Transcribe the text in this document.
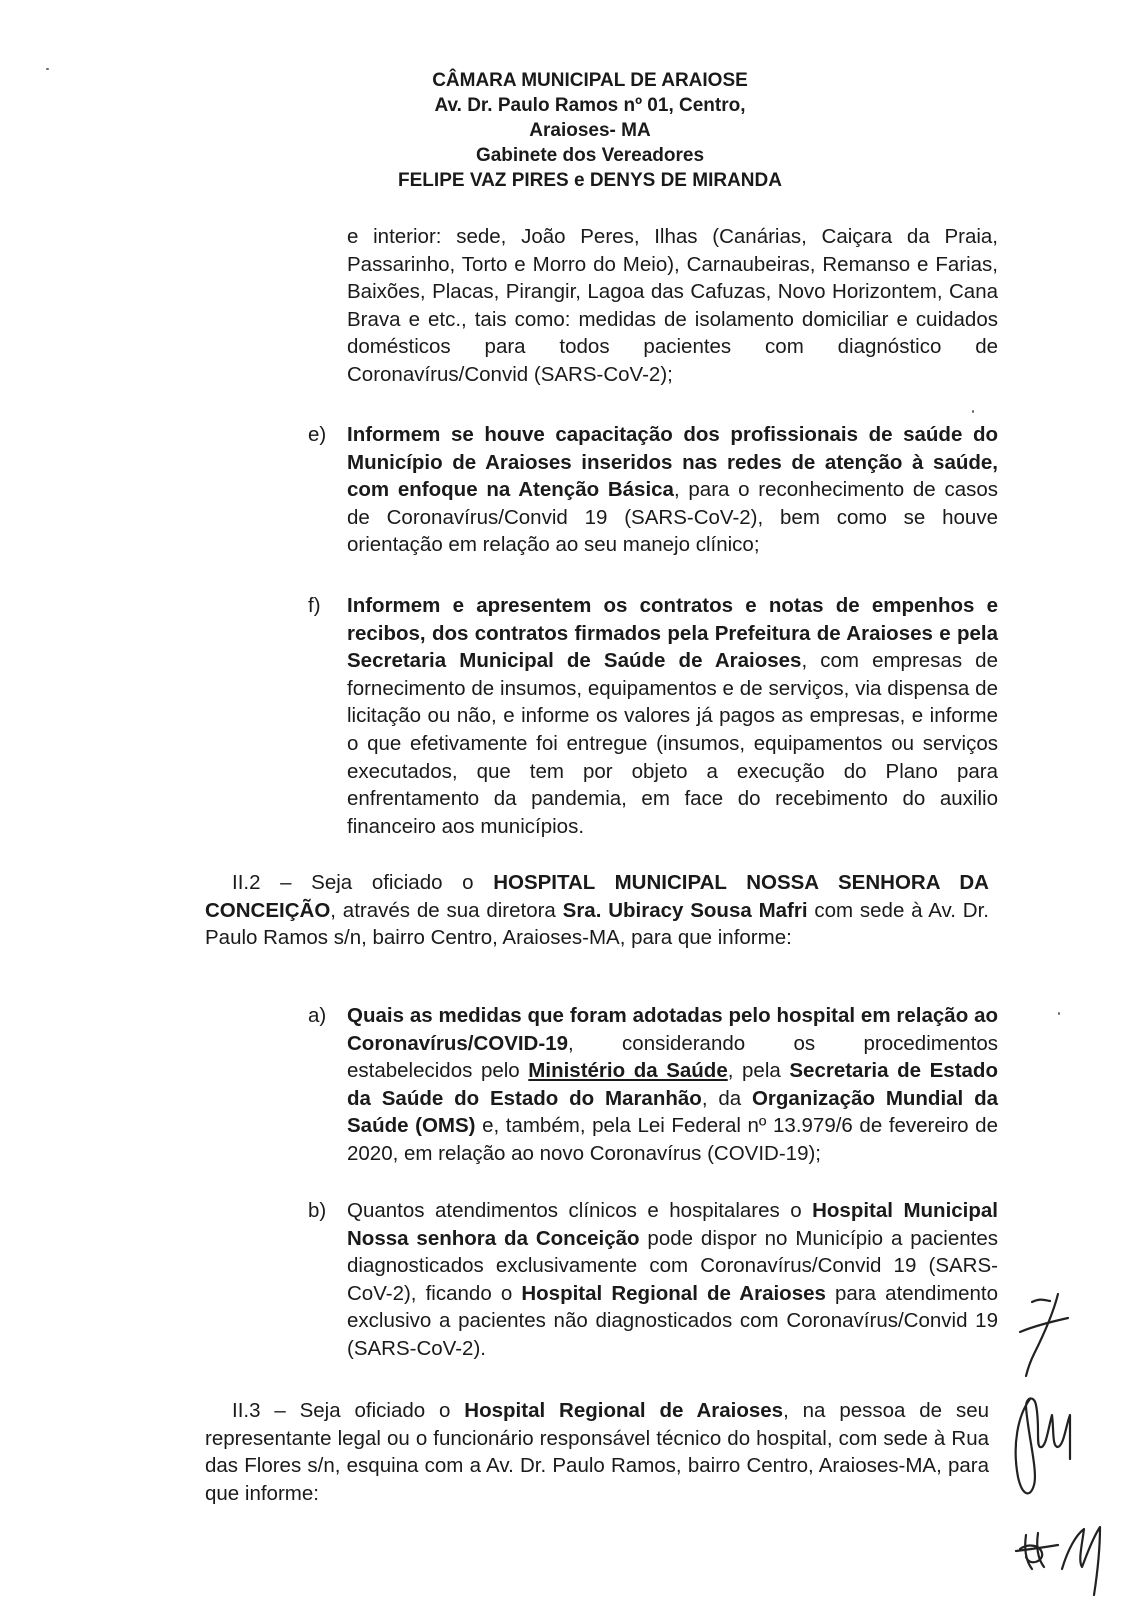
CÂMARA MUNICIPAL DE ARAIOSE
Av. Dr. Paulo Ramos nº 01, Centro,
Araioses- MA
Gabinete dos Vereadores
FELIPE VAZ PIRES e DENYS DE MIRANDA
e interior: sede, João Peres, Ilhas (Canárias, Caiçara da Praia, Passarinho, Torto e Morro do Meio), Carnaubeiras, Remanso e Farias, Baixões, Placas, Pirangir, Lagoa das Cafuzas, Novo Horizontem, Cana Brava e etc., tais como: medidas de isolamento domiciliar e cuidados domésticos para todos pacientes com diagnóstico de Coronavírus/Convid (SARS-CoV-2);
e) Informem se houve capacitação dos profissionais de saúde do Município de Araioses inseridos nas redes de atenção à saúde, com enfoque na Atenção Básica, para o reconhecimento de casos de Coronavírus/Convid 19 (SARS-CoV-2), bem como se houve orientação em relação ao seu manejo clínico;
f) Informem e apresentem os contratos e notas de empenhos e recibos, dos contratos firmados pela Prefeitura de Araioses e pela Secretaria Municipal de Saúde de Araioses, com empresas de fornecimento de insumos, equipamentos e de serviços, via dispensa de licitação ou não, e informe os valores já pagos as empresas, e informe o que efetivamente foi entregue (insumos, equipamentos ou serviços executados, que tem por objeto a execução do Plano para enfrentamento da pandemia, em face do recebimento do auxilio financeiro aos municípios.
II.2 – Seja oficiado o HOSPITAL MUNICIPAL NOSSA SENHORA DA CONCEIÇÃO, através de sua diretora Sra. Ubiracy Sousa Mafri com sede à Av. Dr. Paulo Ramos s/n, bairro Centro, Araioses-MA, para que informe:
a) Quais as medidas que foram adotadas pelo hospital em relação ao Coronavírus/COVID-19, considerando os procedimentos estabelecidos pelo Ministério da Saúde, pela Secretaria de Estado da Saúde do Estado do Maranhão, da Organização Mundial da Saúde (OMS) e, também, pela Lei Federal nº 13.979/6 de fevereiro de 2020, em relação ao novo Coronavírus (COVID-19);
b) Quantos atendimentos clínicos e hospitalares o Hospital Municipal Nossa senhora da Conceição pode dispor no Município a pacientes diagnosticados exclusivamente com Coronavírus/Convid 19 (SARS-CoV-2), ficando o Hospital Regional de Araioses para atendimento exclusivo a pacientes não diagnosticados com Coronavírus/Convid 19 (SARS-CoV-2).
II.3 – Seja oficiado o Hospital Regional de Araioses, na pessoa de seu representante legal ou o funcionário responsável técnico do hospital, com sede à Rua das Flores s/n, esquina com a Av. Dr. Paulo Ramos, bairro Centro, Araioses-MA, para que informe:
